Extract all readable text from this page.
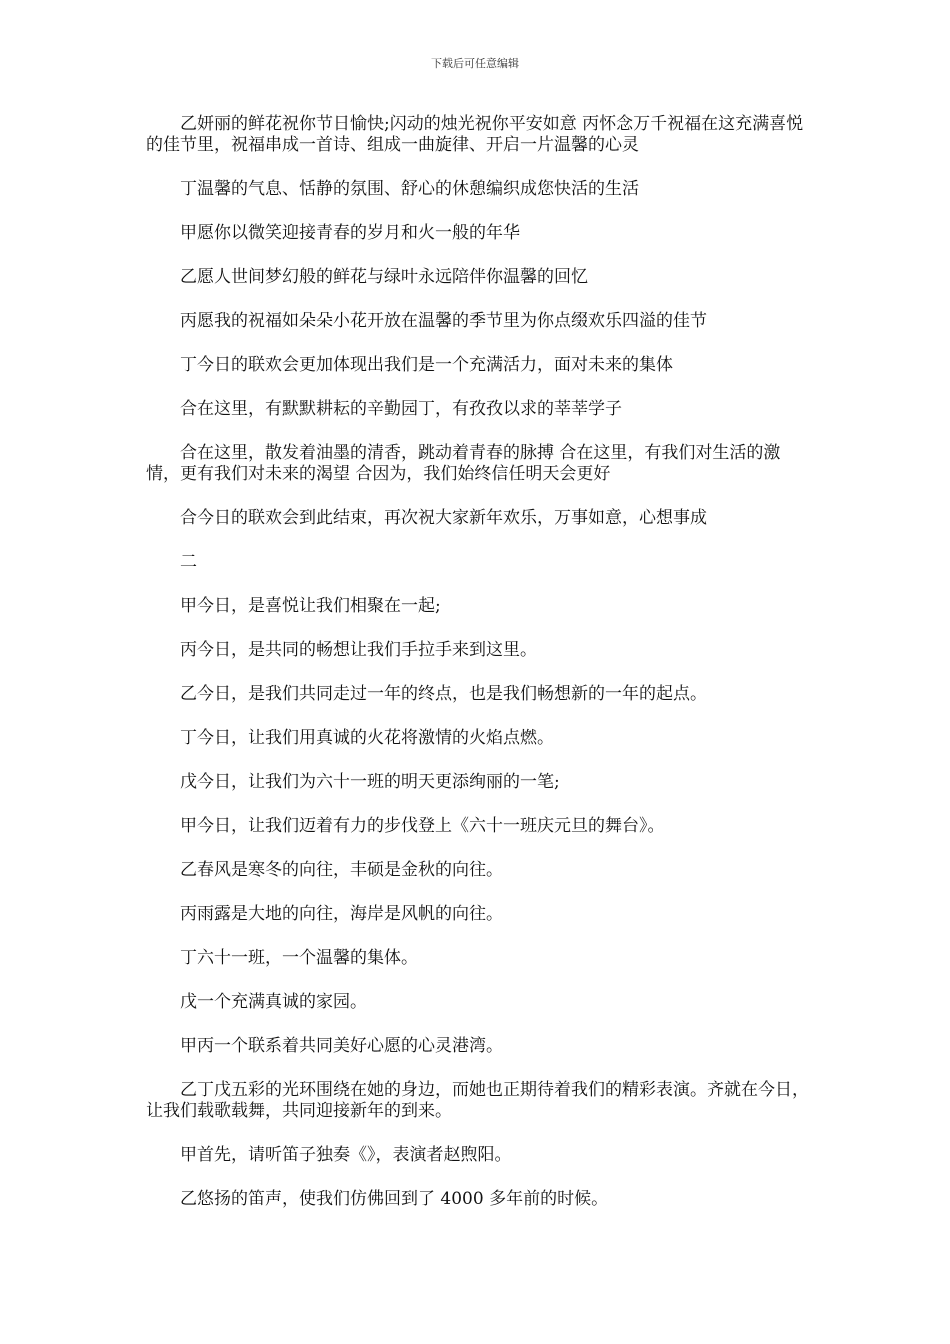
下载后可任意编辑

乙妍丽的鲜花祝你节日愉快;闪动的烛光祝你平安如意 丙怀念万千祝福在这充满喜悦的佳节里，祝福串成一首诗、组成一曲旋律、开启一片温馨的心灵

丁温馨的气息、恬静的氛围、舒心的休憩编织成您快活的生活

甲愿你以微笑迎接青春的岁月和火一般的年华

乙愿人世间梦幻般的鲜花与绿叶永远陪伴你温馨的回忆

丙愿我的祝福如朵朵小花开放在温馨的季节里为你点缀欢乐四溢的佳节

丁今日的联欢会更加体现出我们是一个充满活力，面对未来的集体

合在这里，有默默耕耘的辛勤园丁，有孜孜以求的莘莘学子

合在这里，散发着油墨的清香，跳动着青春的脉搏 合在这里，有我们对生活的激情，更有我们对未来的渴望 合因为，我们始终信任明天会更好

合今日的联欢会到此结束，再次祝大家新年欢乐，万事如意，心想事成

二

甲今日，是喜悦让我们相聚在一起;

丙今日，是共同的畅想让我们手拉手来到这里。

乙今日，是我们共同走过一年的终点，也是我们畅想新的一年的起点。

丁今日，让我们用真诚的火花将激情的火焰点燃。

戊今日，让我们为六十一班的明天更添绚丽的一笔;

甲今日，让我们迈着有力的步伐登上《六十一班庆元旦的舞台》。

乙春风是寒冬的向往，丰硕是金秋的向往。

丙雨露是大地的向往，海岸是风帆的向往。

丁六十一班，一个温馨的集体。

戊一个充满真诚的家园。

甲丙一个联系着共同美好心愿的心灵港湾。

乙丁戊五彩的光环围绕在她的身边，而她也正期待着我们的精彩表演。齐就在今日，让我们载歌载舞，共同迎接新年的到来。

甲首先，请听笛子独奏《》，表演者赵煦阳。

乙悠扬的笛声，使我们仿佛回到了 4000 多年前的时候。
